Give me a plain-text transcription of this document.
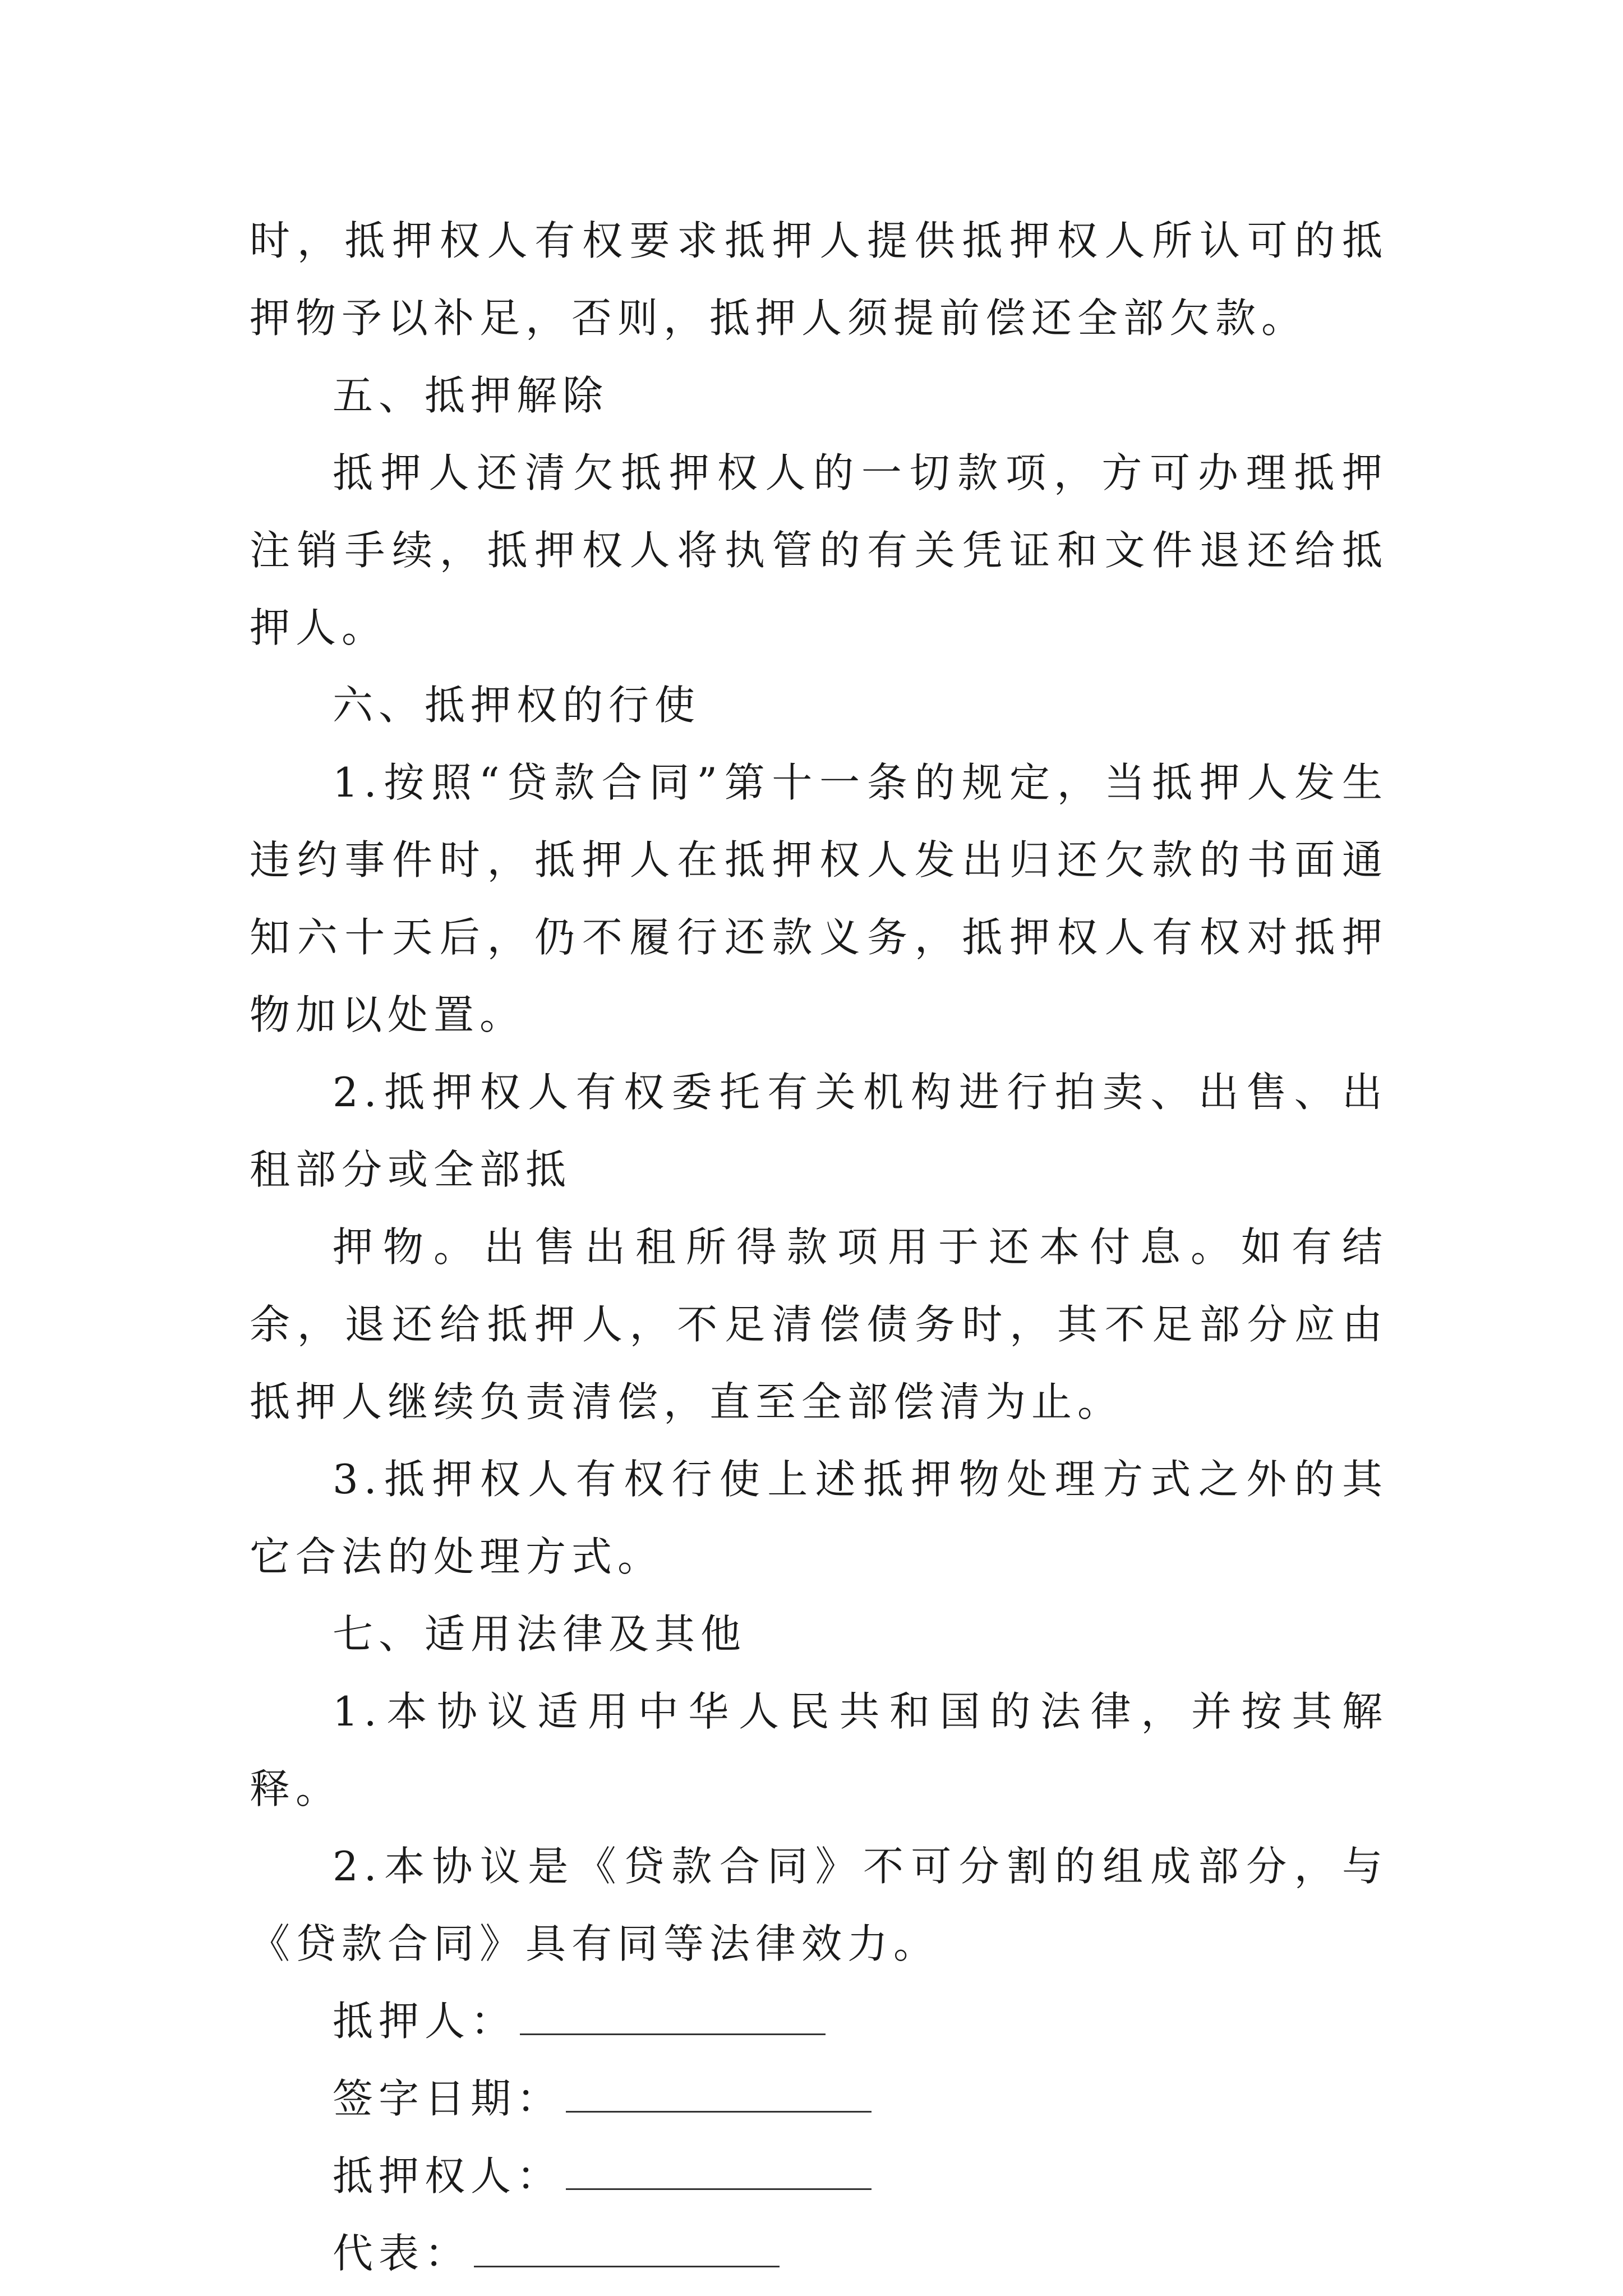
时，抵押权人有权要求抵押人提供抵押权人所认可的抵押物予以补足，否则，抵押人须提前偿还全部欠款。

五、抵押解除

抵押人还清欠抵押权人的一切款项，方可办理抵押注销手续，抵押权人将执管的有关凭证和文件退还给抵押人。

六、抵押权的行使

1.按照“贷款合同”第十一条的规定，当抵押人发生违约事件时，抵押人在抵押权人发出归还欠款的书面通知六十天后，仍不履行还款义务，抵押权人有权对抵押物加以处置。

2.抵押权人有权委托有关机构进行拍卖、出售、出租部分或全部抵

押物。出售出租所得款项用于还本付息。如有结余，退还给抵押人，不足清偿债务时，其不足部分应由抵押人继续负责清偿，直至全部偿清为止。

3.抵押权人有权行使上述抵押物处理方式之外的其它合法的处理方式。

七、适用法律及其他

1.本协议适用中华人民共和国的法律，并按其解释。

2.本协议是《贷款合同》不可分割的组成部分，与《贷款合同》具有同等法律效力。

抵押人：
签字日期：
抵押权人：
代表：
